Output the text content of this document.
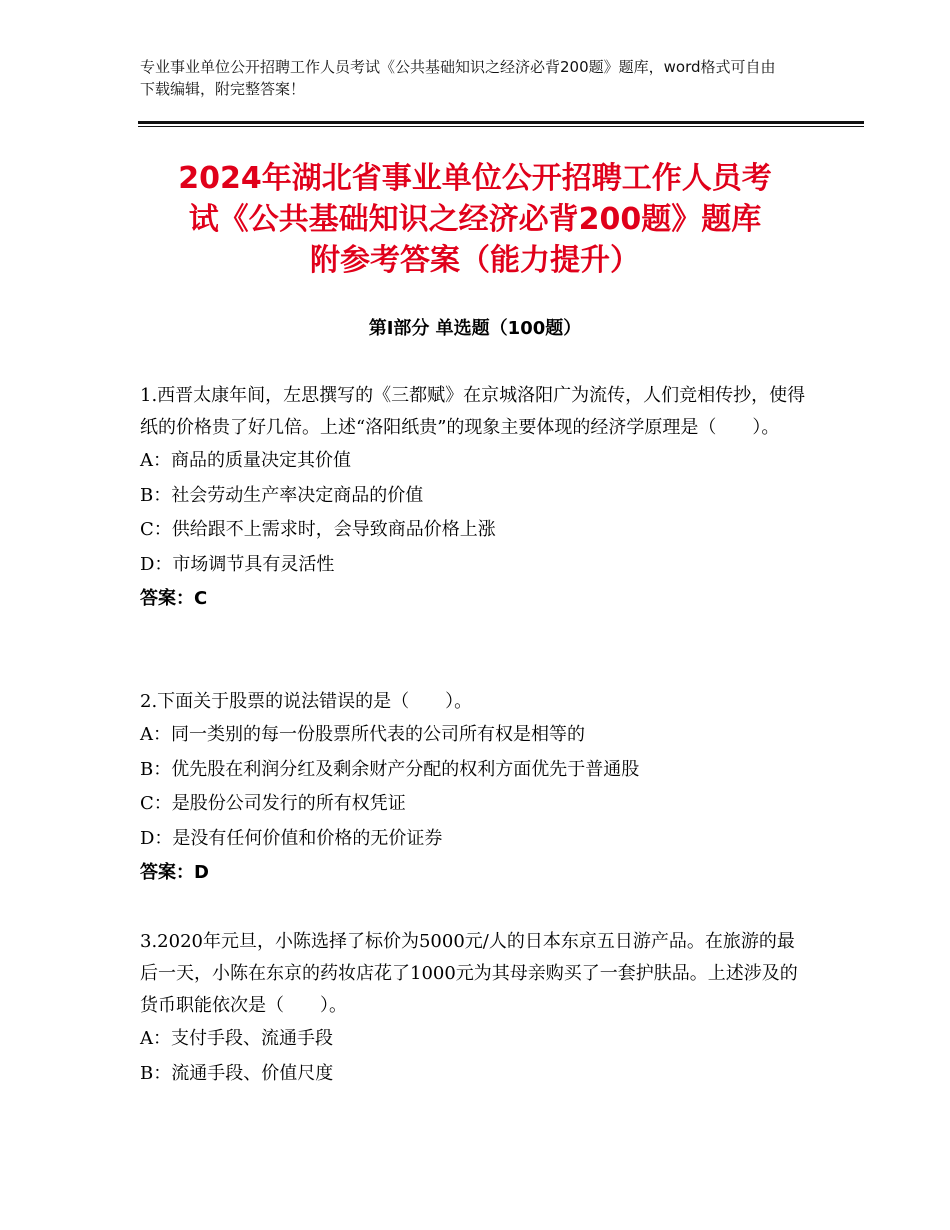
专业事业单位公开招聘工作人员考试《公共基础知识之经济必背200题》题库，word格式可自由下载编辑，附完整答案！
2024年湖北省事业单位公开招聘工作人员考
试《公共基础知识之经济必背200题》题库
附参考答案（能力提升）
第I部分 单选题（100题）

1.西晋太康年间，左思撰写的《三都赋》在京城洛阳广为流传，人们竞相传抄，使得纸的价格贵了好几倍。上述“洛阳纸贵”的现象主要体现的经济学原理是（　　）。

A：商品的质量决定其价值

B：社会劳动生产率决定商品的价值

C：供给跟不上需求时，会导致商品价格上涨

D：市场调节具有灵活性

答案：C

2.下面关于股票的说法错误的是（　　）。

A：同一类别的每一份股票所代表的公司所有权是相等的

B：优先股在利润分红及剩余财产分配的权利方面优先于普通股

C：是股份公司发行的所有权凭证

D：是没有任何价值和价格的无价证券

答案：D

3.2020年元旦，小陈选择了标价为5000元/人的日本东京五日游产品。在旅游的最后一天，小陈在东京的药妆店花了1000元为其母亲购买了一套护肤品。上述涉及的货币职能依次是（　　）。

A：支付手段、流通手段

B：流通手段、价值尺度
